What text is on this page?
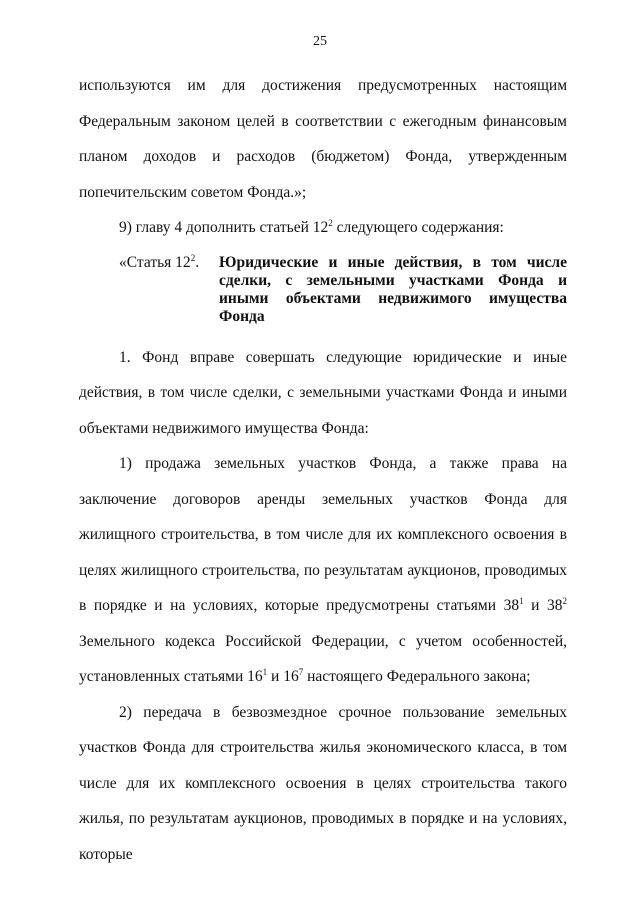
25

используются им для достижения предусмотренных настоящим Федеральным законом целей в соответствии с ежегодным финансовым планом доходов и расходов (бюджетом) Фонда, утвержденным попечительским советом Фонда.»;

9) главу 4 дополнить статьей $12^2$ следующего содержания:

«Статья $12^2$.	Юридические и иные действия, в том числе сделки, с земельными участками Фонда и иными объектами недвижимого имущества Фонда

1. Фонд вправе совершать следующие юридические и иные действия, в том числе сделки, с земельными участками Фонда и иными объектами недвижимого имущества Фонда:

1) продажа земельных участков Фонда, а также права на заключение договоров аренды земельных участков Фонда для жилищного строительства, в том числе для их комплексного освоения в целях жилищного строительства, по результатам аукционов, проводимых в порядке и на условиях, которые предусмотрены статьями $38^1$ и $38^2$ Земельного кодекса Российской Федерации, с учетом особенностей, установленных статьями $16^1$ и $16^7$ настоящего Федерального закона;

2) передача в безвозмездное срочное пользование земельных участков Фонда для строительства жилья экономического класса, в том числе для их комплексного освоения в целях строительства такого жилья, по результатам аукционов, проводимых в порядке и на условиях, которые
